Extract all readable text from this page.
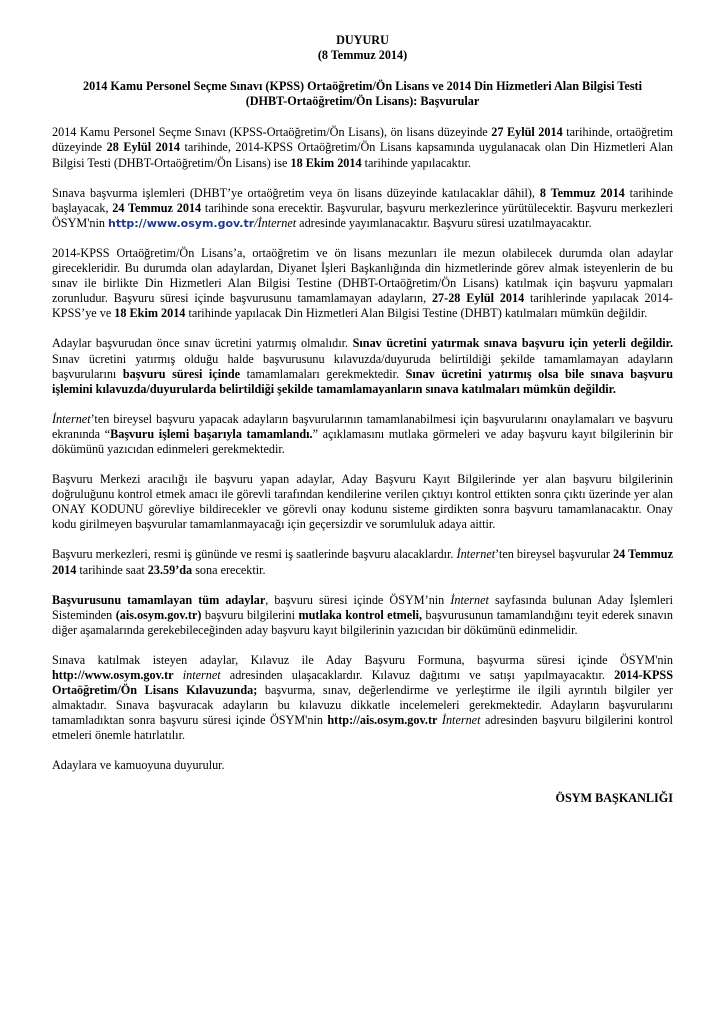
DUYURU
(8 Temmuz 2014)
2014 Kamu Personel Seçme Sınavı (KPSS) Ortaöğretim/Ön Lisans ve 2014 Din Hizmetleri Alan Bilgisi Testi
(DHBT-Ortaöğretim/Ön Lisans): Başvurular

2014 Kamu Personel Seçme Sınavı (KPSS-Ortaöğretim/Ön Lisans), ön lisans düzeyinde 27 Eylül 2014 tarihinde, ortaöğretim düzeyinde 28 Eylül 2014 tarihinde, 2014-KPSS Ortaöğretim/Ön Lisans kapsamında uygulanacak olan Din Hizmetleri Alan Bilgisi Testi (DHBT-Ortaöğretim/Ön Lisans) ise 18 Ekim 2014 tarihinde yapılacaktır.

Sınava başvurma işlemleri (DHBT’ye ortaöğretim veya ön lisans düzeyinde katılacaklar dâhil), 8 Temmuz 2014 tarihinde başlayacak, 24 Temmuz 2014 tarihinde sona erecektir. Başvurular, başvuru merkezlerince yürütülecektir. Başvuru merkezleri ÖSYM'nin http://www.osym.gov.tr/İnternet adresinde yayımlanacaktır. Başvuru süresi uzatılmayacaktır.

2014-KPSS Ortaöğretim/Ön Lisans’a, ortaöğretim ve ön lisans mezunları ile mezun olabilecek durumda olan adaylar girecekleridir. Bu durumda olan adaylardan, Diyanet İşleri Başkanlığında din hizmetlerinde görev almak isteyenlerin de bu sınav ile birlikte Din Hizmetleri Alan Bilgisi Testine (DHBT-Ortaöğretim/Ön Lisans) katılmak için başvuru yapmaları zorunludur. Başvuru süresi içinde başvurusunu tamamlamayan adayların, 27-28 Eylül 2014 tarihlerinde yapılacak 2014-KPSS’ye ve 18 Ekim 2014 tarihinde yapılacak Din Hizmetleri Alan Bilgisi Testine (DHBT) katılmaları mümkün değildir.

Adaylar başvurudan önce sınav ücretini yatırmış olmalıdır. Sınav ücretini yatırmak sınava başvuru için yeterli değildir. Sınav ücretini yatırmış olduğu halde başvurusunu kılavuzda/duyuruda belirtildiği şekilde tamamlamayan adayların başvurularını başvuru süresi içinde tamamlamaları gerekmektedir. Sınav ücretini yatırmış olsa bile sınava başvuru işlemini kılavuzda/duyurularda belirtildiği şekilde tamamlamayanların sınava katılmaları mümkün değildir.

İnternet’ten bireysel başvuru yapacak adayların başvurularının tamamlanabilmesi için başvurularını onaylamaları ve başvuru ekranında “Başvuru işlemi başarıyla tamamlandı.” açıklamasını mutlaka görmeleri ve aday başvuru kayıt bilgilerinin bir dökümünü yazıcıdan edinmeleri gerekmektedir.

Başvuru Merkezi aracılığı ile başvuru yapan adaylar, Aday Başvuru Kayıt Bilgilerinde yer alan başvuru bilgilerinin doğruluğunu kontrol etmek amacı ile görevli tarafından kendilerine verilen çıktıyı kontrol ettikten sonra çıktı üzerinde yer alan ONAY KODUNU görevliye bildirecekler ve görevli onay kodunu sisteme girdikten sonra başvuru tamamlanacaktır. Onay kodu girilmeyen başvurular tamamlanmayacağı için geçersizdir ve sorumluluk adaya aittir.

Başvuru merkezleri, resmi iş gününde ve resmi iş saatlerinde başvuru alacaklardır. İnternet’ten bireysel başvurular 24 Temmuz 2014 tarihinde saat 23.59’da sona erecektir.

Başvurusunu tamamlayan tüm adaylar, başvuru süresi içinde ÖSYM’nin İnternet sayfasında bulunan Aday İşlemleri Sisteminden (ais.osym.gov.tr) başvuru bilgilerini mutlaka kontrol etmeli, başvurusunun tamamlandığını teyit ederek sınavın diğer aşamalarında gerekebileceğinden aday başvuru kayıt bilgilerinin yazıcıdan bir dökümünü edinmelidir.

Sınava katılmak isteyen adaylar, Kılavuz ile Aday Başvuru Formuna, başvurma süresi içinde ÖSYM'nin http://www.osym.gov.tr internet adresinden ulaşacaklardır. Kılavuz dağıtımı ve satışı yapılmayacaktır. 2014-KPSS Ortaöğretim/Ön Lisans Kılavuzunda; başvurma, sınav, değerlendirme ve yerleştirme ile ilgili ayrıntılı bilgiler yer almaktadır. Sınava başvuracak adayların bu kılavuzu dikkatle incelemeleri gerekmektedir. Adayların başvurularını tamamladıktan sonra başvuru süresi içinde ÖSYM'nin http://ais.osym.gov.tr İnternet adresinden başvuru bilgilerini kontrol etmeleri önemle hatırlatılır.

Adaylara ve kamuoyuna duyurulur.

ÖSYM BAŞKANLIĞI
